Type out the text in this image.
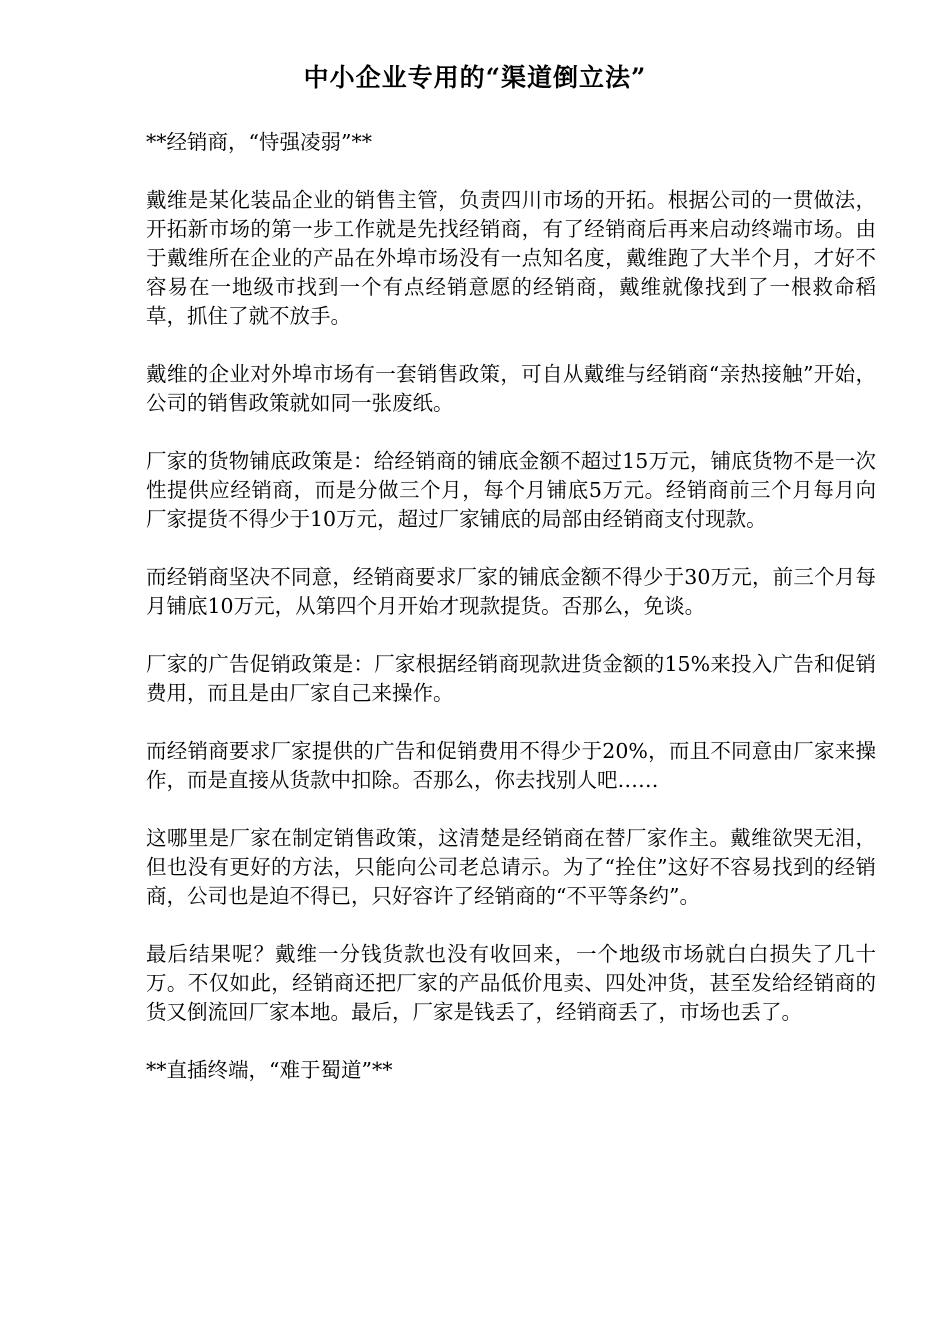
中小企业专用的“渠道倒立法”

**经销商，“恃强凌弱”**

戴维是某化装品企业的销售主管，负责四川市场的开拓。根据公司的一贯做法，开拓新市场的第一步工作就是先找经销商，有了经销商后再来启动终端市场。由于戴维所在企业的产品在外埠市场没有一点知名度，戴维跑了大半个月，才好不容易在一地级市找到一个有点经销意愿的经销商，戴维就像找到了一根救命稻草，抓住了就不放手。

戴维的企业对外埠市场有一套销售政策，可自从戴维与经销商“亲热接触”开始，公司的销售政策就如同一张废纸。

厂家的货物铺底政策是：给经销商的铺底金额不超过15万元，铺底货物不是一次性提供应经销商，而是分做三个月，每个月铺底5万元。经销商前三个月每月向厂家提货不得少于10万元，超过厂家铺底的局部由经销商支付现款。

而经销商坚决不同意，经销商要求厂家的铺底金额不得少于30万元，前三个月每月铺底10万元，从第四个月开始才现款提货。否那么，免谈。

厂家的广告促销政策是：厂家根据经销商现款进货金额的15%来投入广告和促销费用，而且是由厂家自己来操作。

而经销商要求厂家提供的广告和促销费用不得少于20%，而且不同意由厂家来操作，而是直接从货款中扣除。否那么，你去找别人吧……

这哪里是厂家在制定销售政策，这清楚是经销商在替厂家作主。戴维欲哭无泪，但也没有更好的方法，只能向公司老总请示。为了“拴住”这好不容易找到的经销商，公司也是迫不得已，只好容许了经销商的“不平等条约”。

最后结果呢？戴维一分钱货款也没有收回来，一个地级市场就白白损失了几十万。不仅如此，经销商还把厂家的产品低价甩卖、四处冲货，甚至发给经销商的货又倒流回厂家本地。最后，厂家是钱丢了，经销商丢了，市场也丢了。

**直插终端，“难于蜀道”**
